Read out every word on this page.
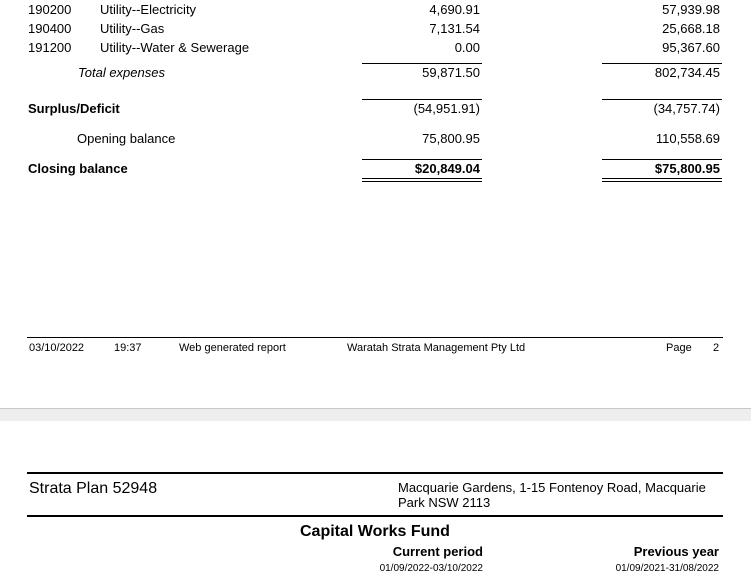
190200 Utility--Electricity	4,690.91	57,939.98
190400 Utility--Gas	7,131.54	25,668.18
191200 Utility--Water & Sewerage	0.00	95,367.60
Total expenses	59,871.50	802,734.45
Surplus/Deficit	(54,951.91)	(34,757.74)
Opening balance	75,800.95	110,558.69
Closing balance	$20,849.04	$75,800.95
03/10/2022	19:37	Web generated report	Waratah Strata Management Pty Ltd	Page 2
Strata Plan 52948	Macquarie Gardens, 1-15 Fontenoy Road, Macquarie
Park NSW 2113
Capital Works Fund
Current period	Previous year
01/09/2022-03/10/2022	01/09/2021-31/08/2022
